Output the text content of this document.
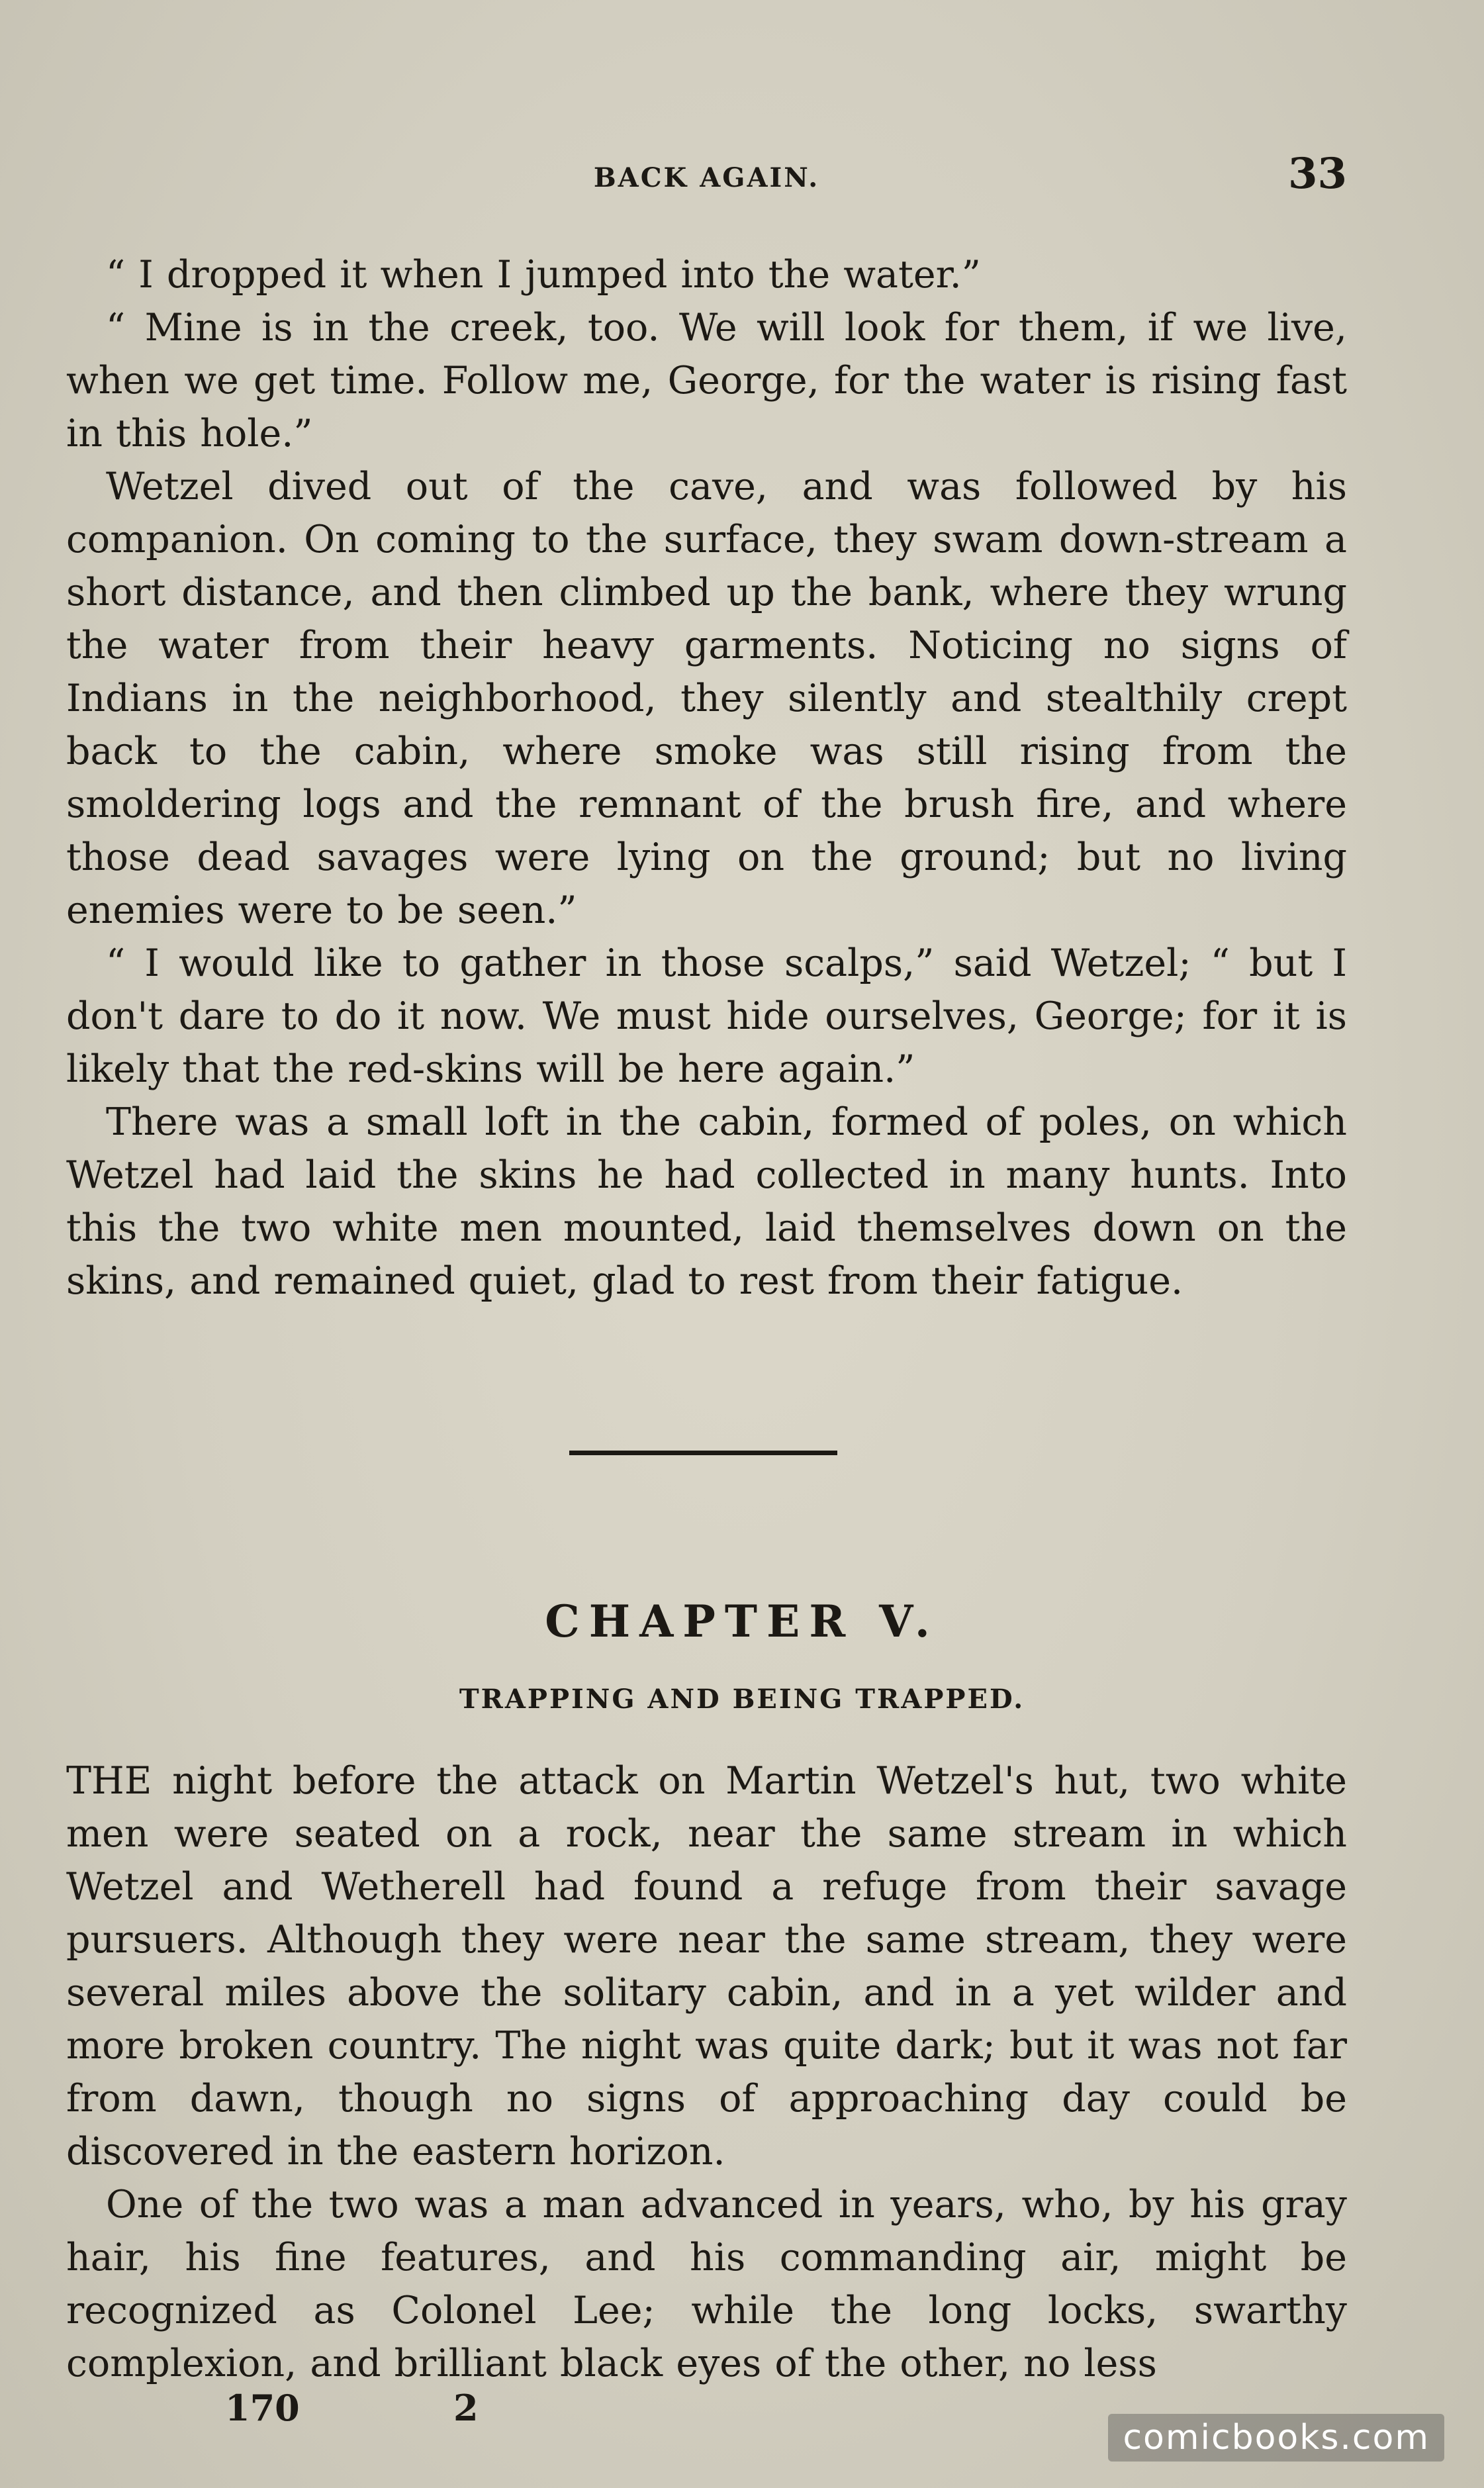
BACK AGAIN.	33

“ I dropped it when I jumped into the water.”

“ Mine is in the creek, too. We will look for them, if we live, when we get time. Follow me, George, for the water is rising fast in this hole.”

Wetzel dived out of the cave, and was followed by his companion. On coming to the surface, they swam down-stream a short distance, and then climbed up the bank, where they wrung the water from their heavy garments. Noticing no signs of Indians in the neighborhood, they silently and stealthily crept back to the cabin, where smoke was still rising from the smoldering logs and the remnant of the brush fire, and where those dead savages were lying on the ground; but no living enemies were to be seen.”

“ I would like to gather in those scalps,” said Wetzel; “ but I don't dare to do it now. We must hide ourselves, George; for it is likely that the red-skins will be here again.”

There was a small loft in the cabin, formed of poles, on which Wetzel had laid the skins he had collected in many hunts. Into this the two white men mounted, laid themselves down on the skins, and remained quiet, glad to rest from their fatigue.

CHAPTER V.
TRAPPING AND BEING TRAPPED.

THE night before the attack on Martin Wetzel's hut, two white men were seated on a rock, near the same stream in which Wetzel and Wetherell had found a refuge from their savage pursuers. Although they were near the same stream, they were several miles above the solitary cabin, and in a yet wilder and more broken country. The night was quite dark; but it was not far from dawn, though no signs of approaching day could be discovered in the eastern horizon.

One of the two was a man advanced in years, who, by his gray hair, his fine features, and his commanding air, might be recognized as Colonel Lee; while the long locks, swarthy complexion, and brilliant black eyes of the other, no less

170	2
comicbooks.com
